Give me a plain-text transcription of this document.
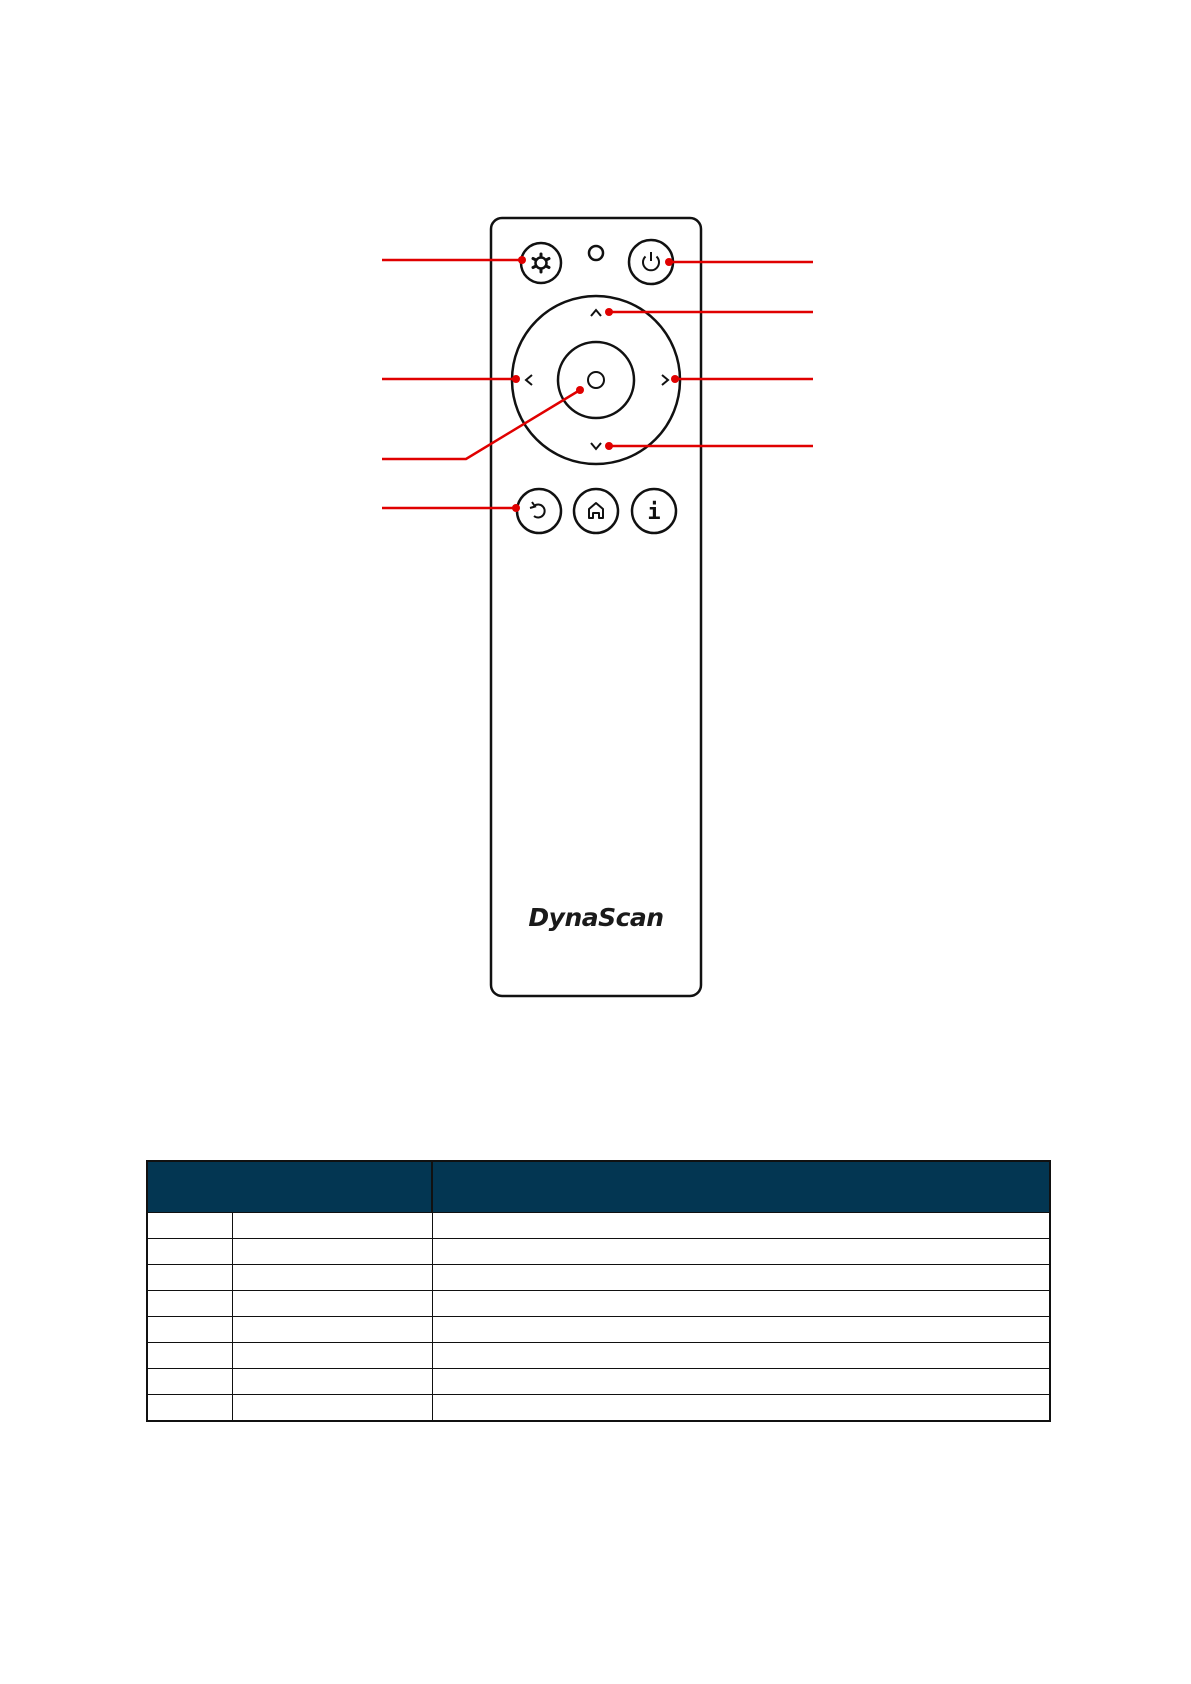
i
DynaScan
